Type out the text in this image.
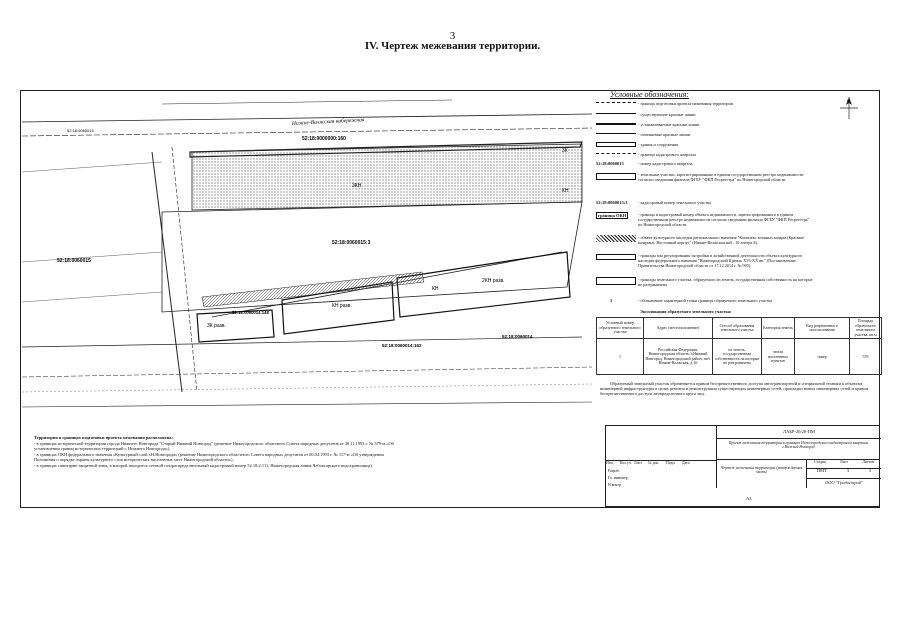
3
IV. Чертеж межевания территории.
Нижне-Волжская набережная
52:18:0060015
52:18:0000000:160
3К
3КН
КН
52:18:0060015:3
52:18:0060015
3К разв.
52:18:0060014:148
КН разв.
КН
2КН разв.
52:18:0060014:162
52:18:0060014
Условные обозначения:
N
- граница подготовки проекта межевания территории
- существующие красные линии
- устанавливаемые красные линии
- отменяемые красные линии
- здания и сооружения
- граница кадастрового квартала
52:18:0060015	- номер кадастрового квартала
- земельные участки, зарегистрированные в едином государственном реестре недвижимости согласно сведениям филиала ФГБУ "ФКП Росреестра" по Нижегородской области
52:18:0060015:3	- кадастровый номер земельного участка
граница ОКН	- граница и кадастровый номер объекта недвижимости, зарегистрированного в едином государственном реестре недвижимости согласно сведениям филиала ФГБУ "ФКП Росреестра" по Нижегородской области
- объект культурного наследия регионального значения "Комплекс военных казарм (Красные казармы). Восточный корпус" (Нижне-Волжская наб., 16 литера Б)
- границы зон регулирования застройки и хозяйственной деятельности объекта культурного наследия федерального значения "Нижегородский Кремль XVI-XX вв." (Постановление Правительства Нижегородской области от 17.12.2014 г. № 905)
- границы земельного участка, образуемого из земель, государственная собственность на которые не разграничена
1	- обозначение характерной точки границы образуемого земельного участка
Экспликация образуемого земельного участка:
Условный номер образуемого земельного участка	Адрес (местоположение)	Способ образования земельного участка	Категория земель	Вид разрешенного использования	Площадь образуемого земельного участка, кв.м
1	Российская Федерация, Нижегородская область, г.Нижний Новгород, Нижегородский район, наб. Нижне-Волжская, д.16	из земель, государственная собственность на которые не разграничена	земли населенных пунктов	сквер	576
Образуемый земельный участок обременяется правом беспрепятственного доступа автотранспортной и специальной техники к объектам инженерной инфраструктуры в целях ремонта и реконструкции существующих инженерных сетей, прокладки новых инженерных сетей и правом беспрепятственного доступа неопределенного круга лиц.
Территория в границах подготовки проекта межевания расположена:
- в границах исторической территории города Нижнего Новгорода "Старый Нижний Новгород" (решение Нижегородского областного Совета народных депутатов от 30.11.1993 г. № 379-м «Об установлении границ исторических территорий г. Нижнего Новгорода»),
- в границах ОКН федерального значения «Культурный слой г.Н.Новгорода» (решение Нижегородского областного Совета народных депутатов от 06.04.1993 г. № 117-м «Об утверждении Положения о порядке охраны культурного слоя исторических населенных мест Нижегородской области»),
- в границах санитарно-защитной зоны, в которой находится сетевой газораспределительный кадастровый номер 52:18:2:111, Нижегородская линия Чебоксарского водохранилища).
ЛАБР-20/20-ПМ
Проект межевания территории в границах Нижегородского кадастрового квартала г.Нижний Новгород
Изм.	Кол.уч. Лист	№ док.	Подп.	Дата
Разраб.
Гл. инженер
Н.контр.
Чертеж межевания территории (утверждаемая часть)
Стадия	Лист	Листов
ПМТ	3	3
ООО "Градострой"
А3
